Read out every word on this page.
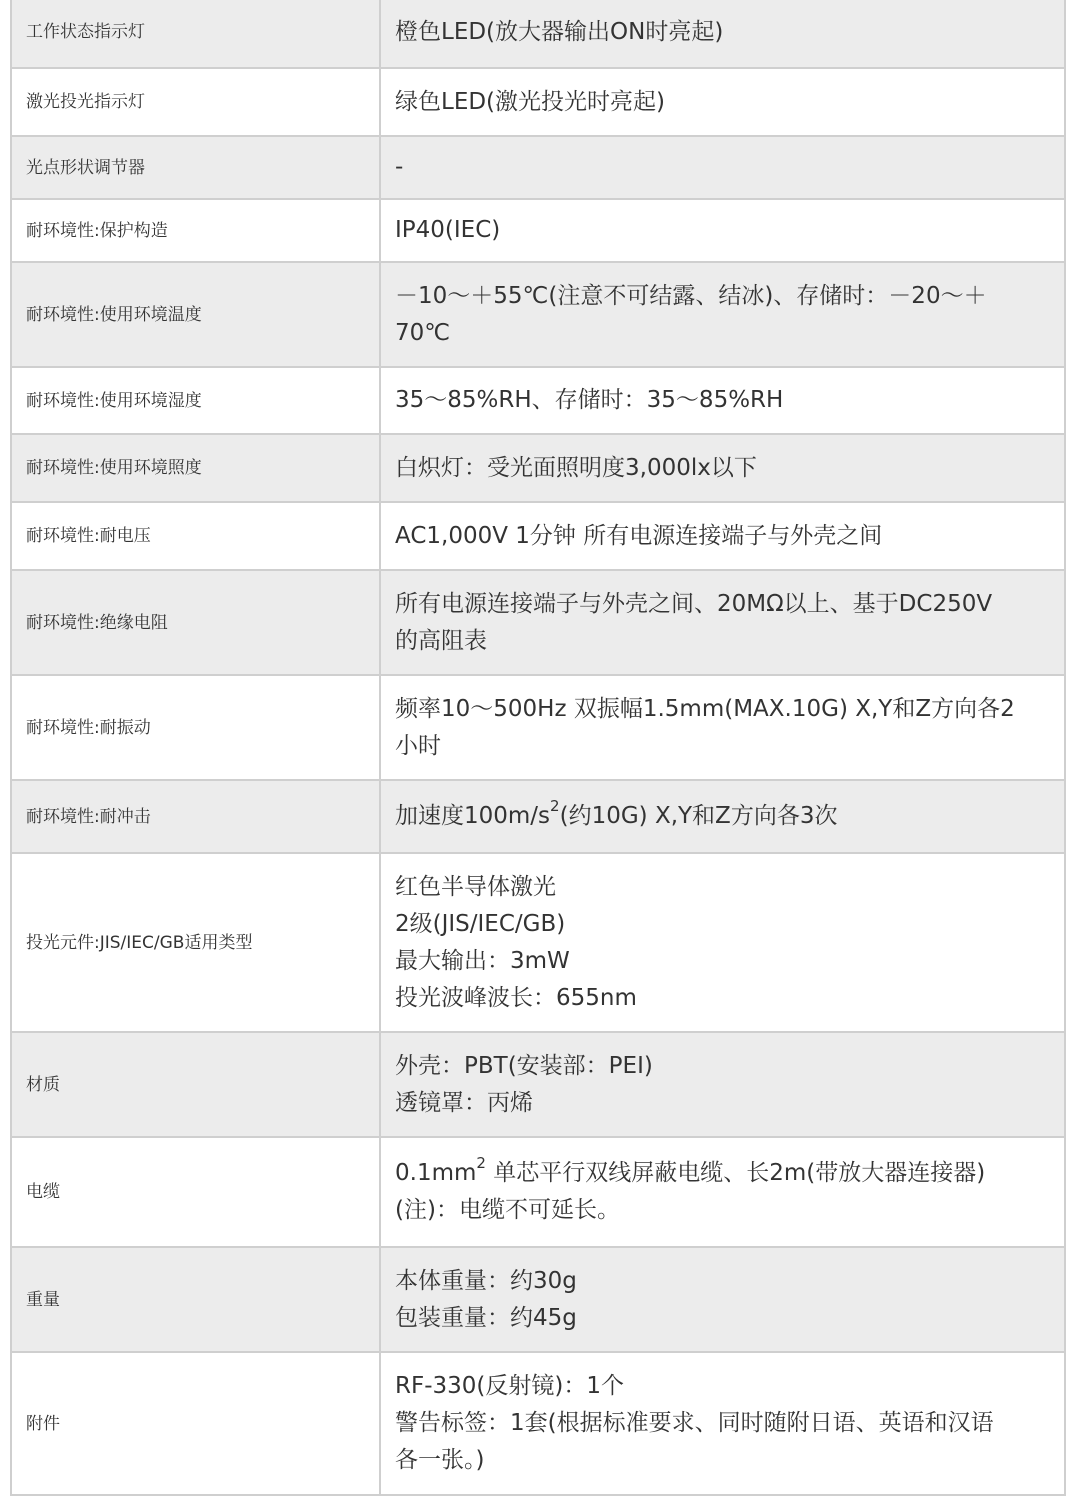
工作状态指示灯	橙色LED(放大器输出ON时亮起)

激光投光指示灯	绿色LED(激光投光时亮起)

光点形状调节器	-

耐环境性:保护构造	IP40(IEC)

耐环境性:使用环境温度	－10～＋55℃(注意不可结露、结冰)、存储时：－20～＋
70℃

耐环境性:使用环境湿度	35～85%RH、存储时：35～85%RH

耐环境性:使用环境照度	白炽灯：受光面照明度3,000lx以下

耐环境性:耐电压	AC1,000V 1分钟 所有电源连接端子与外壳之间

耐环境性:绝缘电阻	所有电源连接端子与外壳之间、20MΩ以上、基于DC250V
的高阻表

耐环境性:耐振动	频率10～500Hz 双振幅1.5mm(MAX.10G) X,Y和Z方向各2
小时

耐环境性:耐冲击	加速度$100m/s^2$(约10G) X,Y和Z方向各3次

投光元件:JIS/IEC/GB适用类型	红色半导体激光
2级(JIS/IEC/GB)
最大输出：3mW
投光波峰波长：655nm

材质	外壳：PBT(安装部：PEI)
透镜罩：丙烯

电缆	$0.1mm^2$ 单芯平行双线屏蔽电缆、长2m(带放大器连接器)
(注)：电缆不可延长。

重量	本体重量：约30g
包装重量：约45g

附件	RF-330(反射镜)：1个
警告标签：1套(根据标准要求、同时随附日语、英语和汉语
各一张。)
